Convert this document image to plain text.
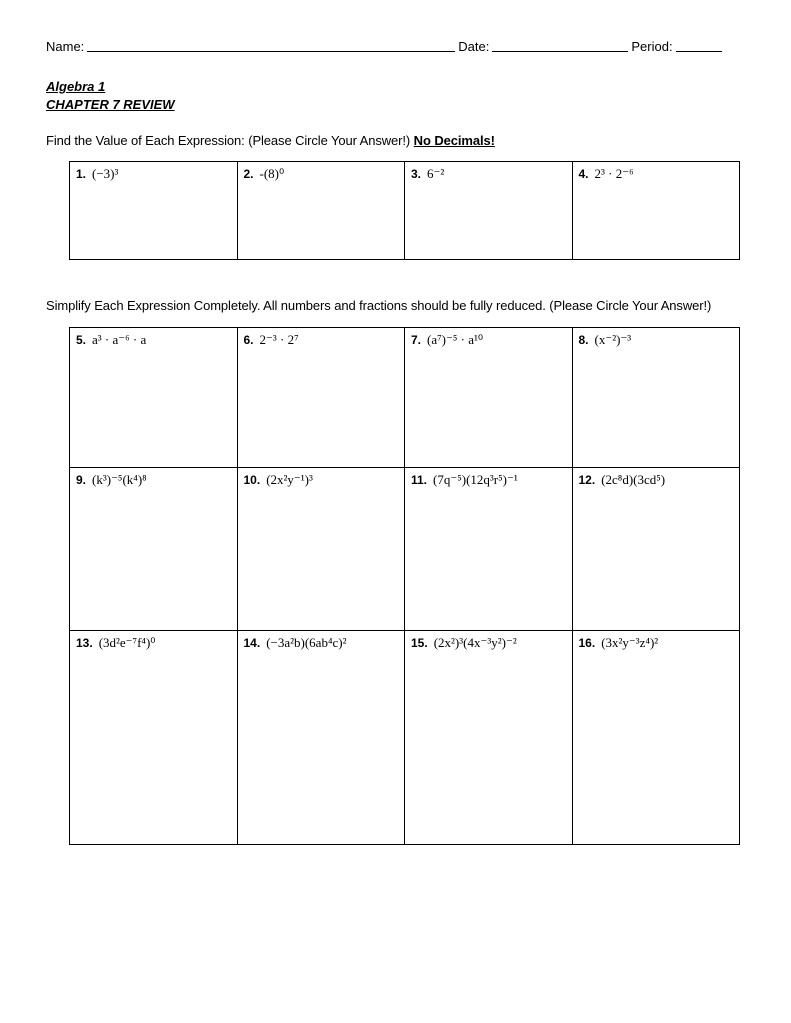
Name:	Date:	Period:
Algebra 1
CHAPTER 7 REVIEW
Find the Value of Each Expression: (Please Circle Your Answer!) No Decimals!
1. (−3)³	2. -(8)⁰	3. 6⁻²	4. 2³ · 2⁻⁶
Simplify Each Expression Completely. All numbers and fractions should be fully reduced. (Please Circle Your Answer!)
5. a³ · a⁻⁶ · a	6. 2⁻³ · 2⁷	7. (a⁷)⁻⁵ · a¹⁰	8. (x⁻²)⁻³
9. (k³)⁻⁵(k⁴)⁸	10. (2x²y⁻¹)³	11. (7q⁻⁵)(12q³r⁵)⁻¹	12. (2c⁸d)(3cd⁵)
13. (3d²e⁻⁷f⁴)⁰	14. (−3a²b)(6ab⁴c)²	15. (2x²)³(4x⁻³y²)⁻²	16. (3x²y⁻³z⁴)²
